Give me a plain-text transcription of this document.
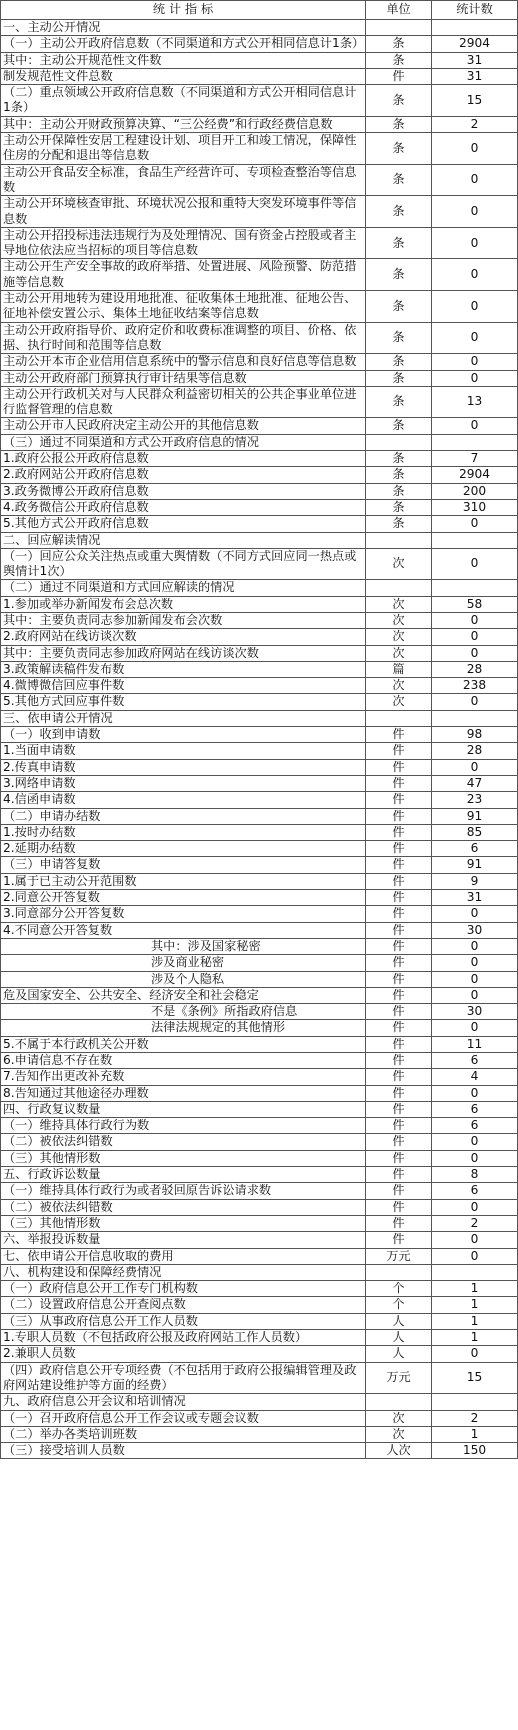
统 计 指 标	单位	统计数
一、主动公开情况		
（一）主动公开政府信息数（不同渠道和方式公开相同信息计1条）	条	2904
其中：主动公开规范性文件数	条	31
制发规范性文件总数	件	31
（二）重点领域公开政府信息数（不同渠道和方式公开相同信息计1条）	条	15
其中：主动公开财政预算决算、“三公经费”和行政经费信息数	条	2
主动公开保障性安居工程建设计划、项目开工和竣工情况，保障性住房的分配和退出等信息数	条	0
主动公开食品安全标准，食品生产经营许可、专项检查整治等信息数	条	0
主动公开环境核查审批、环境状况公报和重特大突发环境事件等信息数	条	0
主动公开招投标违法违规行为及处理情况、国有资金占控股或者主导地位依法应当招标的项目等信息数	条	0
主动公开生产安全事故的政府举措、处置进展、风险预警、防范措施等信息数	条	0
主动公开用地转为建设用地批准、征收集体土地批准、征地公告、征地补偿安置公示、集体土地征收结案等信息数	条	0
主动公开政府指导价、政府定价和收费标准调整的项目、价格、依据、执行时间和范围等信息数	条	0
主动公开本市企业信用信息系统中的警示信息和良好信息等信息数	条	0
主动公开政府部门预算执行审计结果等信息数	条	0
主动公开行政机关对与人民群众利益密切相关的公共企事业单位进行监督管理的信息数	条	13
主动公开市人民政府决定主动公开的其他信息数	条	0
（三）通过不同渠道和方式公开政府信息的情况		
1.政府公报公开政府信息数	条	7
2.政府网站公开政府信息数	条	2904
3.政务微博公开政府信息数	条	200
4.政务微信公开政府信息数	条	310
5.其他方式公开政府信息数	条	0
二、回应解读情况		
（一）回应公众关注热点或重大舆情数（不同方式回应同一热点或舆情计1次）	次	0
（二）通过不同渠道和方式回应解读的情况		
1.参加或举办新闻发布会总次数	次	58
其中：主要负责同志参加新闻发布会次数	次	0
2.政府网站在线访谈次数	次	0
其中：主要负责同志参加政府网站在线访谈次数	次	0
3.政策解读稿件发布数	篇	28
4.微博微信回应事件数	次	238
5.其他方式回应事件数	次	0
三、依申请公开情况		
（一）收到申请数	件	98
1.当面申请数	件	28
2.传真申请数	件	0
3.网络申请数	件	47
4.信函申请数	件	23
（二）申请办结数	件	91
1.按时办结数	件	85
2.延期办结数	件	6
（三）申请答复数	件	91
1.属于已主动公开范围数	件	9
2.同意公开答复数	件	31
3.同意部分公开答复数	件	0
4.不同意公开答复数	件	30
其中：涉及国家秘密	件	0
涉及商业秘密	件	0
涉及个人隐私	件	0
危及国家安全、公共安全、经济安全和社会稳定	件	0
不是《条例》所指政府信息	件	30
法律法规规定的其他情形	件	0
5.不属于本行政机关公开数	件	11
6.申请信息不存在数	件	6
7.告知作出更改补充数	件	4
8.告知通过其他途径办理数	件	0
四、行政复议数量	件	6
（一）维持具体行政行为数	件	6
（二）被依法纠错数	件	0
（三）其他情形数	件	0
五、行政诉讼数量	件	8
（一）维持具体行政行为或者驳回原告诉讼请求数	件	6
（二）被依法纠错数	件	0
（三）其他情形数	件	2
六、举报投诉数量	件	0
七、依申请公开信息收取的费用	万元	0
八、机构建设和保障经费情况		
（一）政府信息公开工作专门机构数	个	1
（二）设置政府信息公开查阅点数	个	1
（三）从事政府信息公开工作人员数	人	1
1.专职人员数（不包括政府公报及政府网站工作人员数）	人	1
2.兼职人员数	人	0
（四）政府信息公开专项经费（不包括用于政府公报编辑管理及政府网站建设维护等方面的经费）	万元	15
九、政府信息公开会议和培训情况		
（一）召开政府信息公开工作会议或专题会议数	次	2
（二）举办各类培训班数	次	1
（三）接受培训人员数	人次	150
